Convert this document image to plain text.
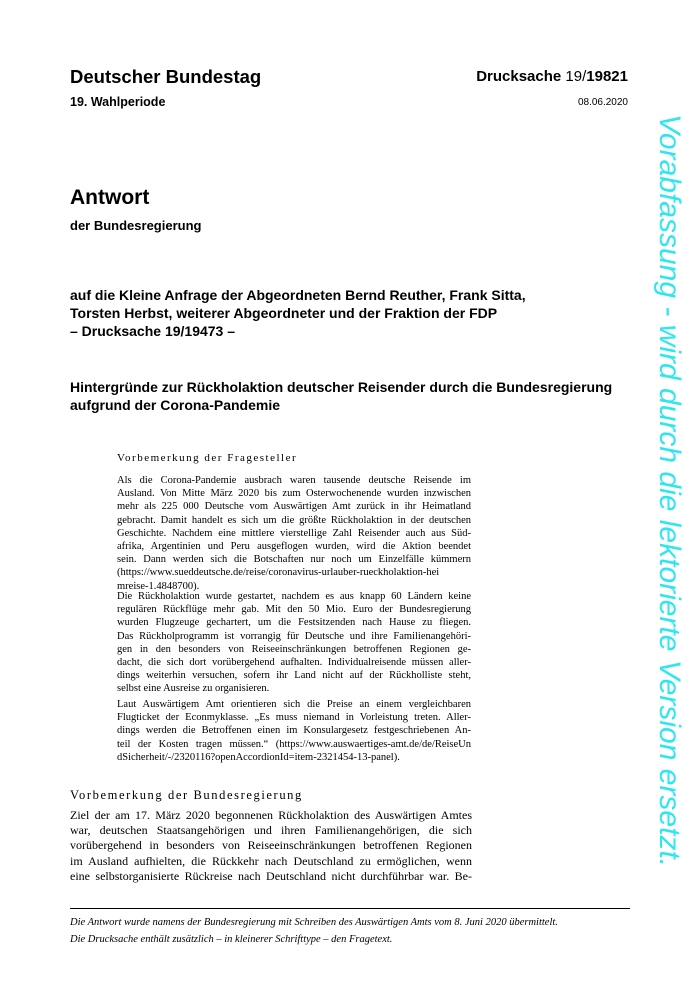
Deutscher Bundestag
19. Wahlperiode
Drucksache 19/19821
08.06.2020
Antwort
der Bundesregierung
auf die Kleine Anfrage der Abgeordneten Bernd Reuther, Frank Sitta,
Torsten Herbst, weiterer Abgeordneter und der Fraktion der FDP
– Drucksache 19/19473 –
Hintergründe zur Rückholaktion deutscher Reisender durch die Bundesregierung
aufgrund der Corona-Pandemie
Vorbemerkung der Fragesteller
Als die Corona-Pandemie ausbrach waren tausende deutsche Reisende im
Ausland. Von Mitte März 2020 bis zum Osterwochenende wurden inzwischen
mehr als 225 000 Deutsche vom Auswärtigen Amt zurück in ihr Heimatland
gebracht. Damit handelt es sich um die größte Rückholaktion in der deutschen
Geschichte. Nachdem eine mittlere vierstellige Zahl Reisender auch aus Süd-
afrika, Argentinien und Peru ausgeflogen wurden, wird die Aktion beendet
sein. Dann werden sich die Botschaften nur noch um Einzelfälle kümmern
(https://www.sueddeutsche.de/reise/coronavirus-urlauber-rueckholaktion-hei
mreise-1.4848700).
Die Rückholaktion wurde gestartet, nachdem es aus knapp 60 Ländern keine
regulären Rückflüge mehr gab. Mit den 50 Mio. Euro der Bundesregierung
wurden Flugzeuge gechartert, um die Festsitzenden nach Hause zu fliegen.
Das Rückholprogramm ist vorrangig für Deutsche und ihre Familienangehöri-
gen in den besonders von Reiseeinschränkungen betroffenen Regionen ge-
dacht, die sich dort vorübergehend aufhalten. Individualreisende müssen aller-
dings weiterhin versuchen, sofern ihr Land nicht auf der Rückholliste steht,
selbst eine Ausreise zu organisieren.
Laut Auswärtigem Amt orientieren sich die Preise an einem vergleichbaren
Flugticket der Econmyklasse. „Es muss niemand in Vorleistung treten. Aller-
dings werden die Betroffenen einen im Konsulargesetz festgeschriebenen An-
teil der Kosten tragen müssen.“ (https://www.auswaertiges-amt.de/de/ReiseUn
dSicherheit/-/2320116?openAccordionId=item-2321454-13-panel).
Vorbemerkung der Bundesregierung
Ziel der am 17. März 2020 begonnenen Rückholaktion des Auswärtigen Amtes
war, deutschen Staatsangehörigen und ihren Familienangehörigen, die sich
vorübergehend in besonders von Reiseeinschränkungen betroffenen Regionen
im Ausland aufhielten, die Rückkehr nach Deutschland zu ermöglichen, wenn
eine selbstorganisierte Rückreise nach Deutschland nicht durchführbar war. Be-
Die Antwort wurde namens der Bundesregierung mit Schreiben des Auswärtigen Amts vom 8. Juni 2020 übermittelt.
Die Drucksache enthält zusätzlich – in kleinerer Schrifttype – den Fragetext.
Vorabfassung - wird durch die lektorierte Version ersetzt.
